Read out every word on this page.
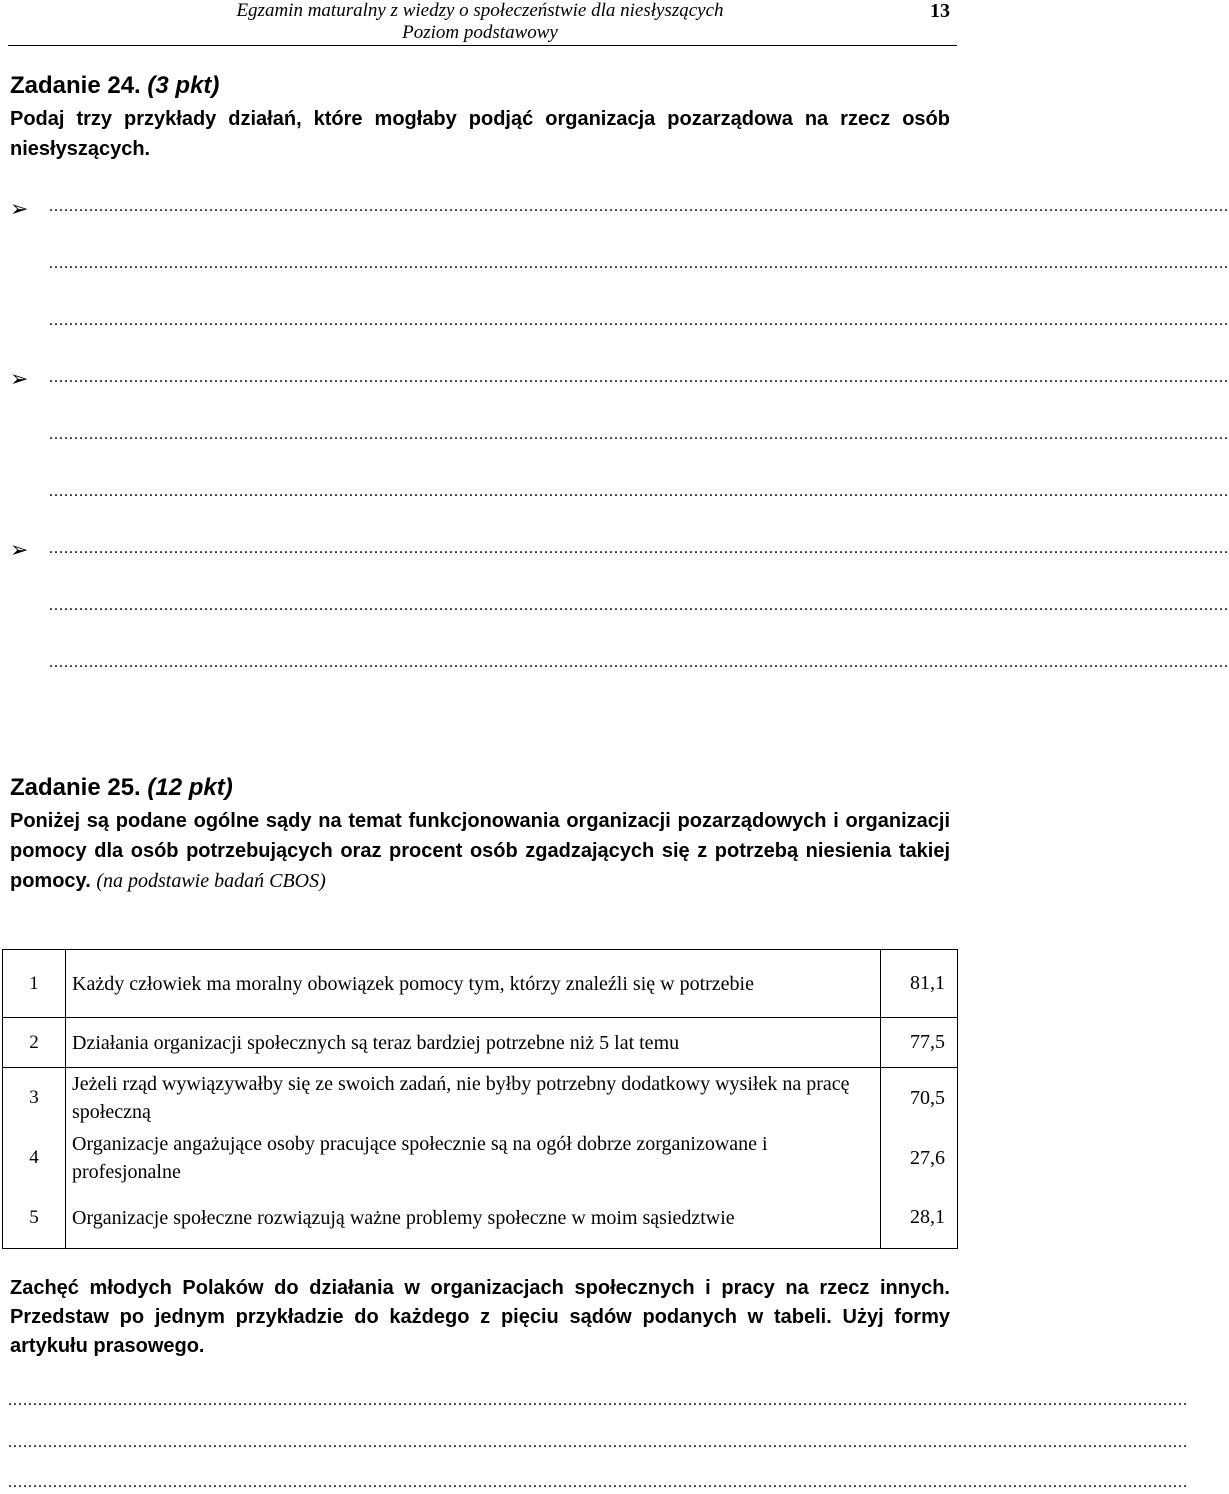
Egzamin maturalny z wiedzy o społeczeństwie dla niesłyszących
Poziom podstawowy
13
Zadanie 24. (3 pkt)
Podaj trzy przykłady działań, które mogłaby podjąć organizacja pozarządowa na rzecz osób niesłyszących.
➢ ............................................................................................................................................................................................................................................
............................................................................................................................................................................................................................................
............................................................................................................................................................................................................................................
➢ ............................................................................................................................................................................................................................................
............................................................................................................................................................................................................................................
............................................................................................................................................................................................................................................
➢ ............................................................................................................................................................................................................................................
............................................................................................................................................................................................................................................
............................................................................................................................................................................................................................................
Zadanie 25. (12 pkt)
Poniżej są podane ogólne sądy na temat funkcjonowania organizacji pozarządowych i organizacji pomocy dla osób potrzebujących oraz procent osób zgadzających się z potrzebą niesienia takiej pomocy. (na podstawie badań CBOS)
1	Każdy człowiek ma moralny obowiązek pomocy tym, którzy znaleźli się w potrzebie	81,1
2	Działania organizacji społecznych są teraz bardziej potrzebne niż 5 lat temu	77,5
3	Jeżeli rząd wywiązywałby się ze swoich zadań, nie byłby potrzebny dodatkowy wysiłek na pracę społeczną	70,5
4	Organizacje angażujące osoby pracujące społecznie są na ogół dobrze zorganizowane i profesjonalne	27,6
5	Organizacje społeczne rozwiązują ważne problemy społeczne w moim sąsiedztwie	28,1
Zachęć młodych Polaków do działania w organizacjach społecznych i pracy na rzecz innych. Przedstaw po jednym przykładzie do każdego z pięciu sądów podanych w tabeli. Użyj formy artykułu prasowego.
............................................................................................................................................................................................................................................
............................................................................................................................................................................................................................................
............................................................................................................................................................................................................................................
